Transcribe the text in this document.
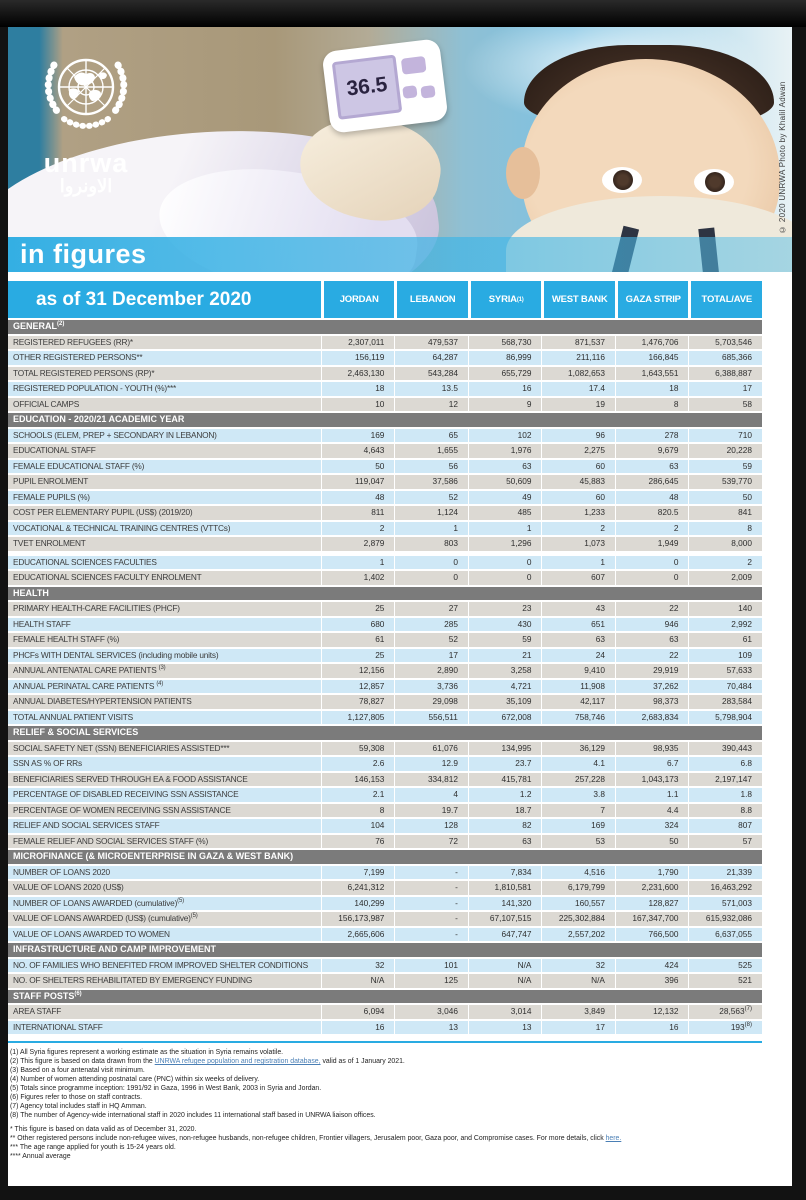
36.5
unrwa
الاونروا
in figures
© 2020 UNRWA Photo by Khalil Adwan
as of 31 December 2020	JORDAN	LEBANON	SYRIA (1)	WEST BANK	GAZA STRIP	TOTAL/AVE
GENERAL$^{(2)}$
REGISTERED REFUGEES (RR)*	2,307,011	479,537	568,730	871,537	1,476,706	5,703,546
OTHER REGISTERED PERSONS**	156,119	64,287	86,999	211,116	166,845	685,366
TOTAL REGISTERED PERSONS (RP)*	2,463,130	543,284	655,729	1,082,653	1,643,551	6,388,887
REGISTERED POPULATION - YOUTH (%)***	18	13.5	16	17.4	18	17
OFFICIAL CAMPS	10	12	9	19	8	58
EDUCATION - 2020/21 ACADEMIC YEAR
SCHOOLS (ELEM, PREP + SECONDARY IN LEBANON)	169	65	102	96	278	710
EDUCATIONAL STAFF	4,643	1,655	1,976	2,275	9,679	20,228
FEMALE EDUCATIONAL STAFF (%)	50	56	63	60	63	59
PUPIL ENROLMENT	119,047	37,586	50,609	45,883	286,645	539,770
FEMALE PUPILS (%)	48	52	49	60	48	50
COST PER ELEMENTARY PUPIL (US$) (2019/20)	811	1,124	485	1,233	820.5	841
VOCATIONAL & TECHNICAL TRAINING CENTRES (VTTCs)	2	1	1	2	2	8
TVET ENROLMENT	2,879	803	1,296	1,073	1,949	8,000
EDUCATIONAL SCIENCES FACULTIES	1	0	0	1	0	2
EDUCATIONAL SCIENCES FACULTY ENROLMENT	1,402	0	0	607	0	2,009
HEALTH
PRIMARY HEALTH-CARE FACILITIES (PHCF)	25	27	23	43	22	140
HEALTH STAFF	680	285	430	651	946	2,992
FEMALE HEALTH STAFF (%)	61	52	59	63	63	61
PHCFs WITH DENTAL SERVICES (including mobile units)	25	17	21	24	22	109
ANNUAL ANTENATAL CARE PATIENTS $^{(3)}$	12,156	2,890	3,258	9,410	29,919	57,633
ANNUAL PERINATAL CARE PATIENTS $^{(4)}$	12,857	3,736	4,721	11,908	37,262	70,484
ANNUAL DIABETES/HYPERTENSION PATIENTS	78,827	29,098	35,109	42,117	98,373	283,584
TOTAL ANNUAL PATIENT VISITS	1,127,805	556,511	672,008	758,746	2,683,834	5,798,904
RELIEF & SOCIAL SERVICES
SOCIAL SAFETY NET (SSN) BENEFICIARIES ASSISTED***	59,308	61,076	134,995	36,129	98,935	390,443
SSN AS % OF RRs	2.6	12.9	23.7	4.1	6.7	6.8
BENEFICIARIES SERVED THROUGH EA & FOOD ASSISTANCE	146,153	334,812	415,781	257,228	1,043,173	2,197,147
PERCENTAGE OF DISABLED RECEIVING SSN ASSISTANCE	2.1	4	1.2	3.8	1.1	1.8
PERCENTAGE OF WOMEN RECEIVING SSN ASSISTANCE	8	19.7	18.7	7	4.4	8.8
RELIEF AND SOCIAL SERVICES STAFF	104	128	82	169	324	807
FEMALE RELIEF AND SOCIAL SERVICES STAFF (%)	76	72	63	53	50	57
MICROFINANCE (& MICROENTERPRISE IN GAZA & WEST BANK)
NUMBER OF LOANS 2020	7,199	-	7,834	4,516	1,790	21,339
VALUE OF LOANS 2020 (US$)	6,241,312	-	1,810,581	6,179,799	2,231,600	16,463,292
NUMBER OF LOANS AWARDED (cumulative)$^{(5)}$	140,299	-	141,320	160,557	128,827	571,003
VALUE OF LOANS AWARDED (US$) (cumulative)$^{(5)}$	156,173,987	-	67,107,515	225,302,884	167,347,700	615,932,086
VALUE OF LOANS AWARDED TO WOMEN	2,665,606	-	647,747	2,557,202	766,500	6,637,055
INFRASTRUCTURE AND CAMP IMPROVEMENT
NO. OF FAMILIES WHO BENEFITED FROM IMPROVED SHELTER CONDITIONS	32	101	N/A	32	424	525
NO. OF SHELTERS REHABILITATED BY EMERGENCY FUNDING	N/A	125	N/A	N/A	396	521
STAFF POSTS$^{(6)}$
AREA STAFF	6,094	3,046	3,014	3,849	12,132	28,563$^{(7)}$
INTERNATIONAL STAFF	16	13	13	17	16	193$^{(8)}$
(1) All Syria figures represent a working estimate as the situation in Syria remains volatile.
(2) This figure is based on data drawn from the UNRWA refugee population and registration database, valid as of 1 January 2021.
(3) Based on a four antenatal visit minimum.
(4) Number of women attending postnatal care (PNC) within six weeks of delivery.
(5) Totals since programme inception: 1991/92 in Gaza, 1996 in West Bank, 2003 in Syria and Jordan.
(6) Figures refer to those on staff contracts.
(7) Agency total includes staff in HQ Amman.
(8) The number of Agency-wide international staff in 2020 includes 11 international staff based in UNRWA liaison offices.
* This figure is based on data valid as of December 31, 2020.
** Other registered persons include non-refugee wives, non-refugee husbands, non-refugee children, Frontier villagers, Jerusalem poor, Gaza poor, and Compromise cases. For more details, click here.
*** The age range applied for youth is 15-24 years old.
**** Annual average
